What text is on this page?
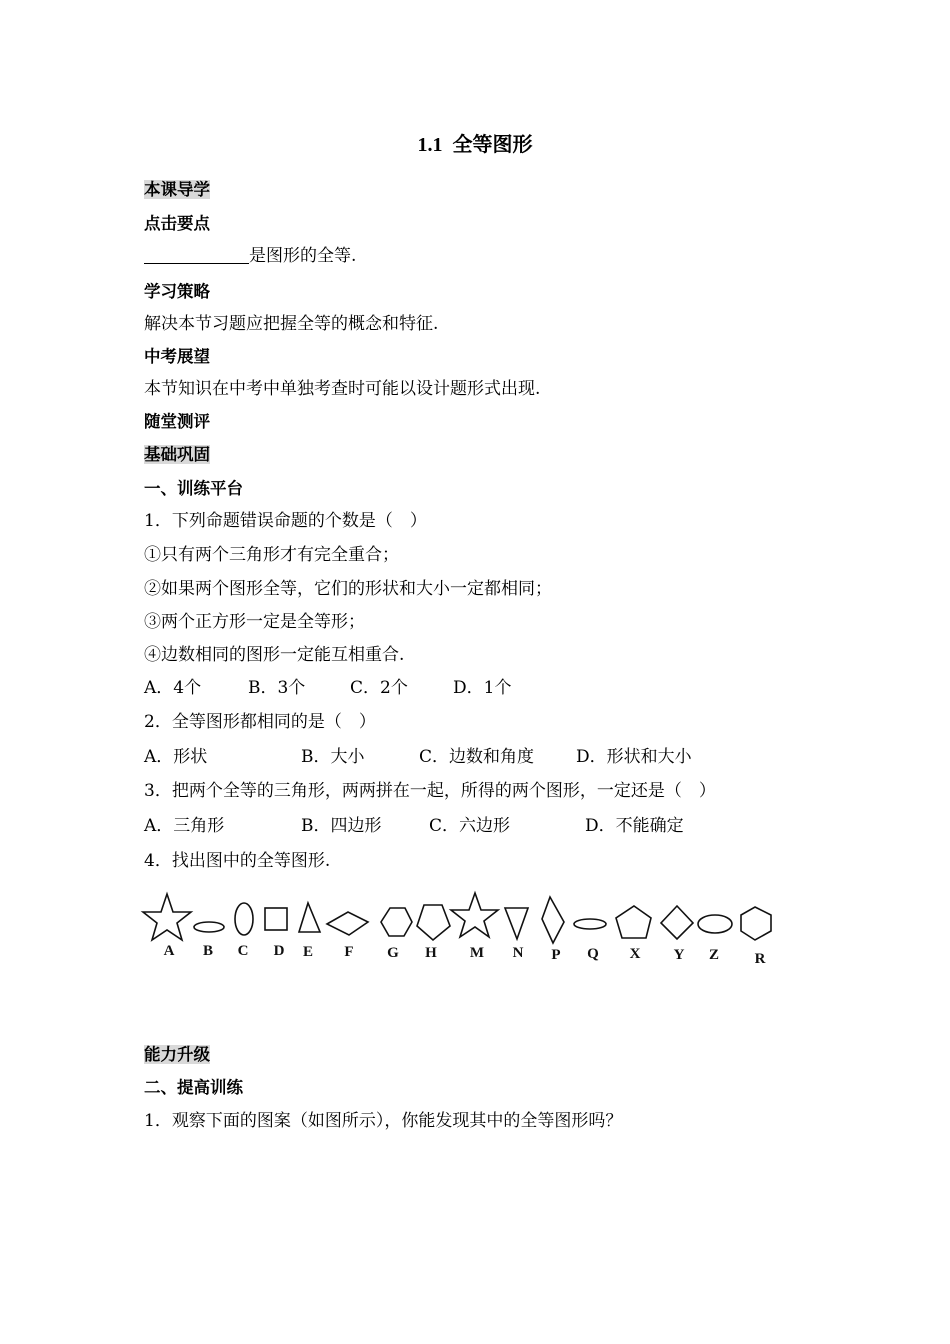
1.1 全等图形
本课导学
点击要点
是图形的全等.
学习策略
解决本节习题应把握全等的概念和特征.
中考展望
本节知识在中考中单独考查时可能以设计题形式出现.
随堂测评
基础巩固
一、训练平台
1．下列命题错误命题的个数是（　）
①只有两个三角形才有完全重合；
②如果两个图形全等，它们的形状和大小一定都相同；
③两个正方形一定是全等形；
④边数相同的图形一定能互相重合.
A．4个	B．3个	C．2个	D．1个
2．全等图形都相同的是（　）
A．形状	B．大小	C．边数和角度 D．形状和大小
3．把两个全等的三角形，两两拼在一起，所得的两个图形，一定还是（　）
A．三角形	B．四边形	C．六边形	D．不能确定
4．找出图中的全等图形.
A B C D E F G H M N P Q X Y Z R
能力升级
二、提高训练
1．观察下面的图案（如图所示），你能发现其中的全等图形吗？
